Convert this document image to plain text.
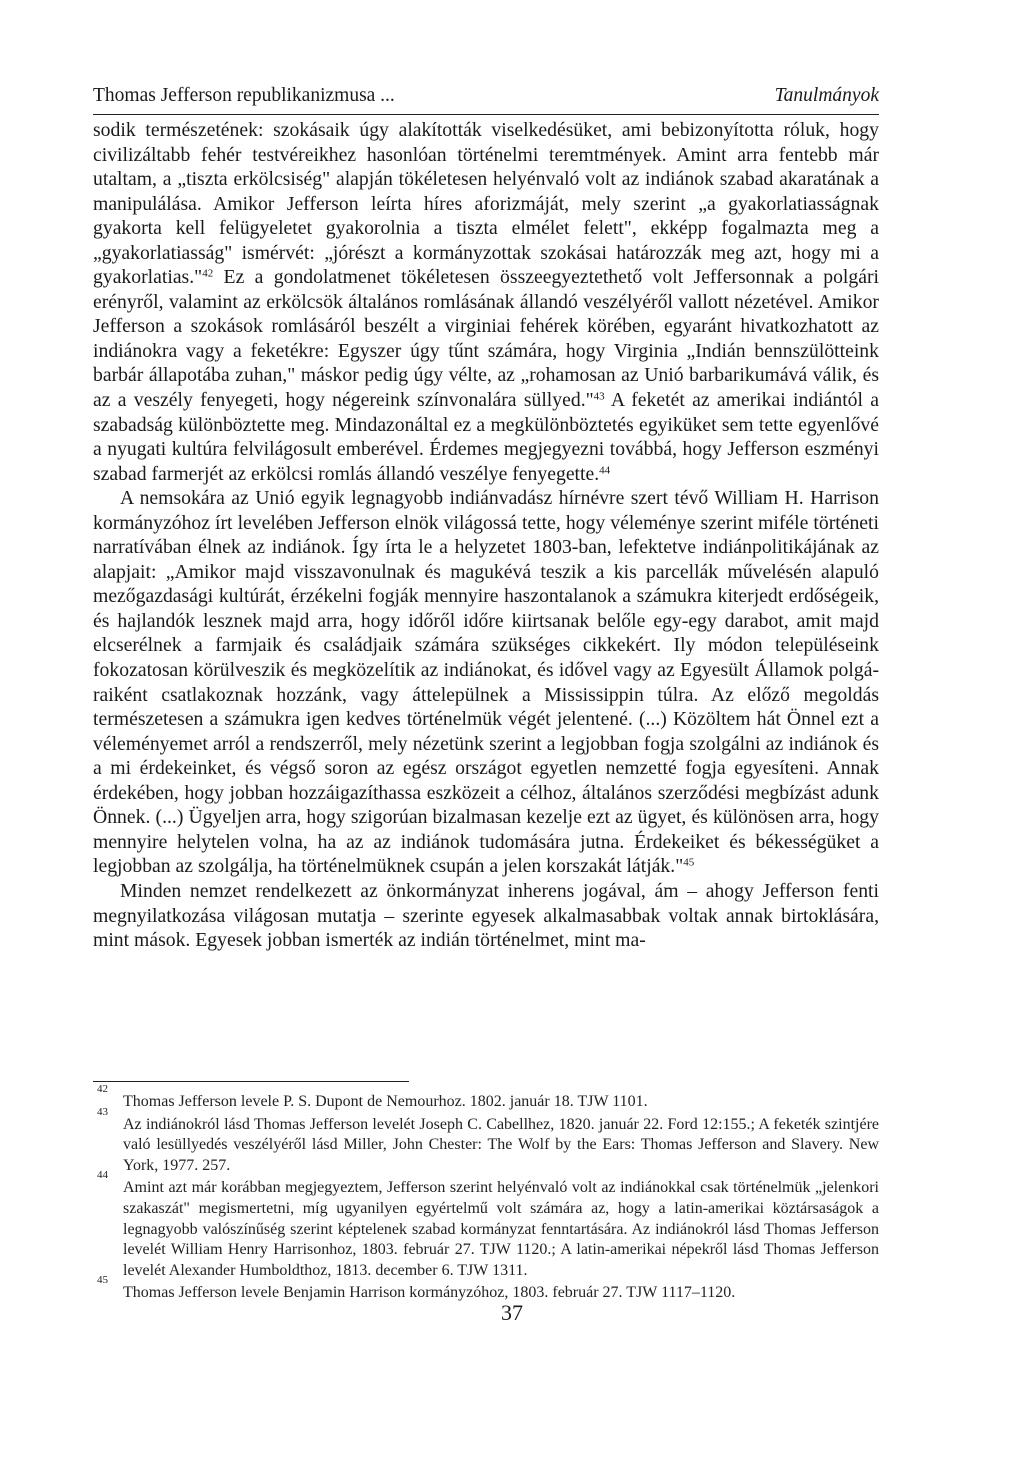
Thomas Jefferson republikanizmusa ...	Tanulmányok

sodik természetének: szokásaik úgy alakították viselkedésüket, ami bebizonyította róluk, hogy civilizáltabb fehér testvéreikhez hasonlóan történelmi teremtmények. Amint arra fentebb már utaltam, a „tiszta erkölcsiség" alapján tökéletesen helyénvaló volt az indiánok szabad akaratának a manipulálása. Amikor Jefferson leírta híres aforizmáját, mely szerint „a gyakorlatiasságnak gyakorta kell felügyeletet gyakorolnia a tiszta elmélet felett", ekképp fogalmazta meg a „gyakorlatiasság" ismérvét: „jórészt a kormányzottak szokásai határozzák meg azt, hogy mi a gyakorlatias."$^{42}$ Ez a gondolatmenet tökéletesen összeegyeztethető volt Jeffersonnak a polgári erényről, valamint az erkölcsök általános romlásának állandó veszélyéről vallott nézetével. Amikor Jefferson a szokások romlásáról beszélt a virginiai fehérek körében, egyaránt hivatkozhatott az indiánokra vagy a feketékre: Egyszer úgy tűnt számára, hogy Virginia „Indián bennszülötteink barbár állapotába zuhan," máskor pedig úgy vélte, az „rohamosan az Unió barbarikumává válik, és az a veszély fenyegeti, hogy négereink színvonalára süllyed."$^{43}$ A feketét az amerikai indiántól a szabadság különböztette meg. Mindazonáltal ez a megkülönböztetés egyiküket sem tette egyenlővé a nyugati kultúra felvilágosult emberével. Érdemes megjegyezni továbbá, hogy Jefferson eszményi szabad farmerjét az erkölcsi romlás állandó veszélye fenyegette.$^{44}$

A nemsokára az Unió egyik legnagyobb indiánvadász hírnévre szert tévő William H. Harrison kormányzóhoz írt levelében Jefferson elnök világossá tette, hogy véleménye szerint miféle történeti narratívában élnek az indiánok. Így írta le a helyzetet 1803-ban, lefektetve indiánpolitikájának az alapjait: „Amikor majd visszavonulnak és magukévá teszik a kis parcellák művelésén alapuló mezőgazdasági kultúrát, érzékelni fogják mennyire haszontalanok a számukra kiterjedt erdőségeik, és hajlandók lesznek majd arra, hogy időről időre kiirtsanak belőle egy-egy darabot, amit majd elcserélnek a farmjaik és családjaik számára szükséges cikkekért. Ily módon településeink fokozatosan körülveszik és megközelítik az indiánokat, és idővel vagy az Egyesült Államok polgáraiként csatlakoznak hozzánk, vagy áttelepülnek a Mississippin túlra. Az előző megoldás természetesen a számukra igen kedves történelmük végét jelentené. (...) Közöltem hát Önnel ezt a véleményemet arról a rendszerről, mely nézetünk szerint a legjobban fogja szolgálni az indiánok és a mi érdekeinket, és végső soron az egész országot egyetlen nemzetté fogja egyesíteni. Annak érdekében, hogy jobban hozzáigazíthassa eszközeit a célhoz, általános szerződési megbízást adunk Önnek. (...) Ügyeljen arra, hogy szigorúan bizalmasan kezelje ezt az ügyet, és különösen arra, hogy mennyire helytelen volna, ha az az indiánok tudomására jutna. Érdekeiket és békességüket a legjobban az szolgálja, ha történelmüknek csupán a jelen korszakát látják."$^{45}$

Minden nemzet rendelkezett az önkormányzat inherens jogával, ám – ahogy Jefferson fenti megnyilatkozása világosan mutatja – szerinte egyesek alkalmasabbak voltak annak birtoklására, mint mások. Egyesek jobban ismerték az indián történelmet, mint ma-

42
Thomas Jefferson levele P. S. Dupont de Nemourhoz. 1802. január 18. TJW 1101.

43
Az indiánokról lásd Thomas Jefferson levelét Joseph C. Cabellhez, 1820. január 22. Ford 12:155.; A feketék szintjére való lesüllyedés veszélyéről lásd Miller, John Chester: The Wolf by the Ears: Thomas Jefferson and Slavery. New York, 1977. 257.

44
Amint azt már korábban megjegyeztem, Jefferson szerint helyénvaló volt az indiánokkal csak történelmük „jelenkori szakaszát" megismertetni, míg ugyanilyen egyértelmű volt számára az, hogy a latin-amerikai köztársaságok a legnagyobb valószínűség szerint képtelenek szabad kormányzat fenntartására. Az indiánokról lásd Thomas Jefferson levelét William Henry Harrisonhoz, 1803. február 27. TJW 1120.; A latin-amerikai népekről lásd Thomas Jefferson levelét Alexander Humboldthoz, 1813. december 6. TJW 1311.

45
Thomas Jefferson levele Benjamin Harrison kormányzóhoz, 1803. február 27. TJW 1117–1120.

37
